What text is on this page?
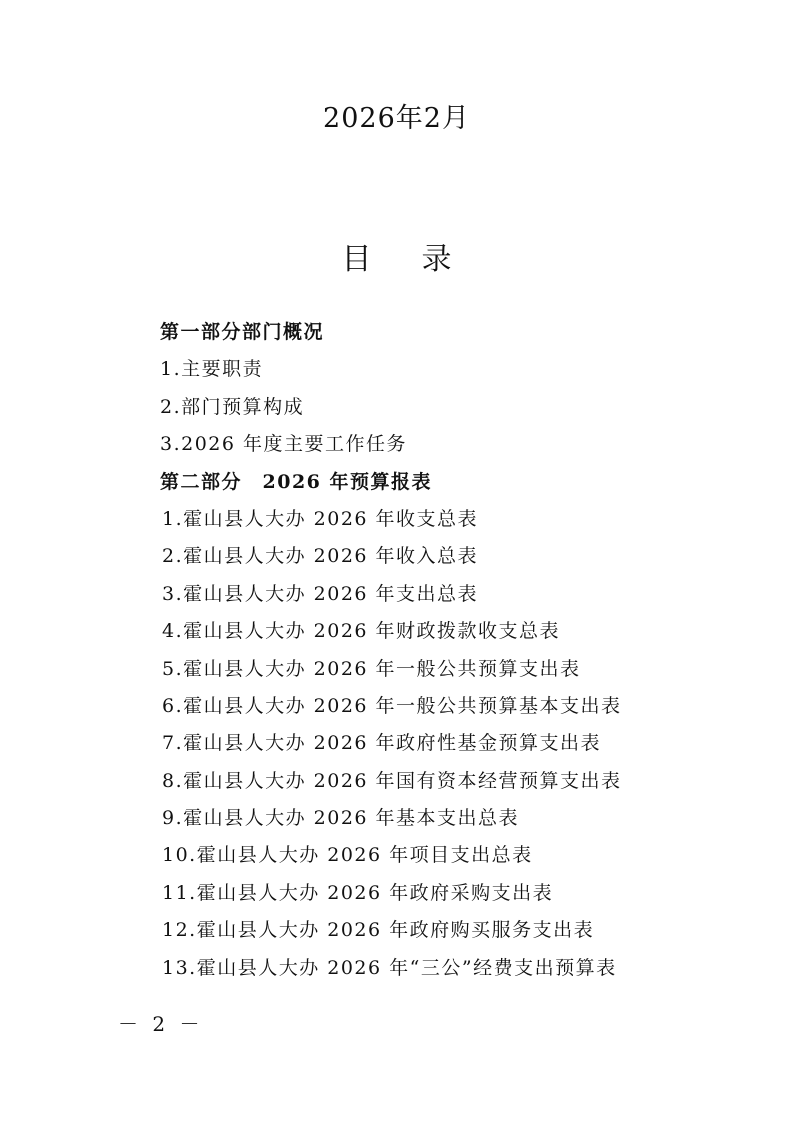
2026年2月
目 录
第一部分部门概况
1.主要职责
2.部门预算构成
3.2026 年度主要工作任务
第二部分　2026 年预算报表
1.霍山县人大办 2026 年收支总表
2.霍山县人大办 2026 年收入总表
3.霍山县人大办 2026 年支出总表
4.霍山县人大办 2026 年财政拨款收支总表
5.霍山县人大办 2026 年一般公共预算支出表
6.霍山县人大办 2026 年一般公共预算基本支出表
7.霍山县人大办 2026 年政府性基金预算支出表
8.霍山县人大办 2026 年国有资本经营预算支出表
9.霍山县人大办 2026 年基本支出总表
10.霍山县人大办 2026 年项目支出总表
11.霍山县人大办 2026 年政府采购支出表
12.霍山县人大办 2026 年政府购买服务支出表
13.霍山县人大办 2026 年“三公”经费支出预算表
－ 2 －
